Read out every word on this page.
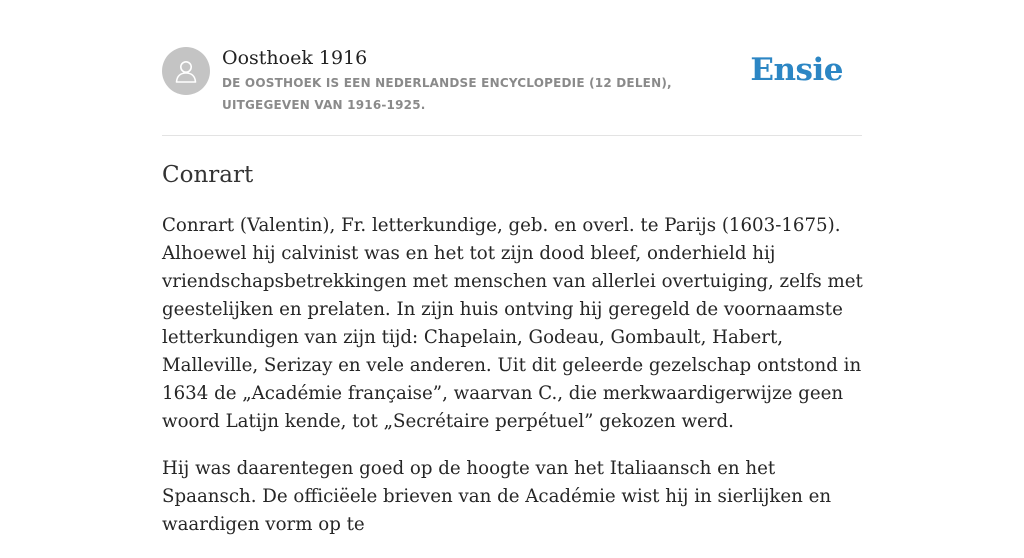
Oosthoek 1916
DE OOSTHOEK IS EEN NEDERLANDSE ENCYCLOPEDIE (12 DELEN), UITGEGEVEN VAN 1916-1925.
Ensie
Conrart

Conrart (Valentin), Fr. letterkundige, geb. en overl. te Parijs (1603-1675). Alhoewel hij calvinist was en het tot zijn dood bleef, onderhield hij vriendschapsbetrekkingen met menschen van allerlei overtuiging, zelfs met geestelijken en prelaten. In zijn huis ontving hij geregeld de voornaamste letterkundigen van zijn tijd: Chapelain, Godeau, Gombault, Habert, Malleville, Serizay en vele anderen. Uit dit geleerde gezelschap ontstond in 1634 de „Académie française”, waarvan C., die merkwaardigerwijze geen woord Latijn kende, tot „Secrétaire perpétuel” gekozen werd.

Hij was daarentegen goed op de hoogte van het Italiaansch en het Spaansch. De officiëele brieven van de Académie wist hij in sierlijken en waardigen vorm op te
